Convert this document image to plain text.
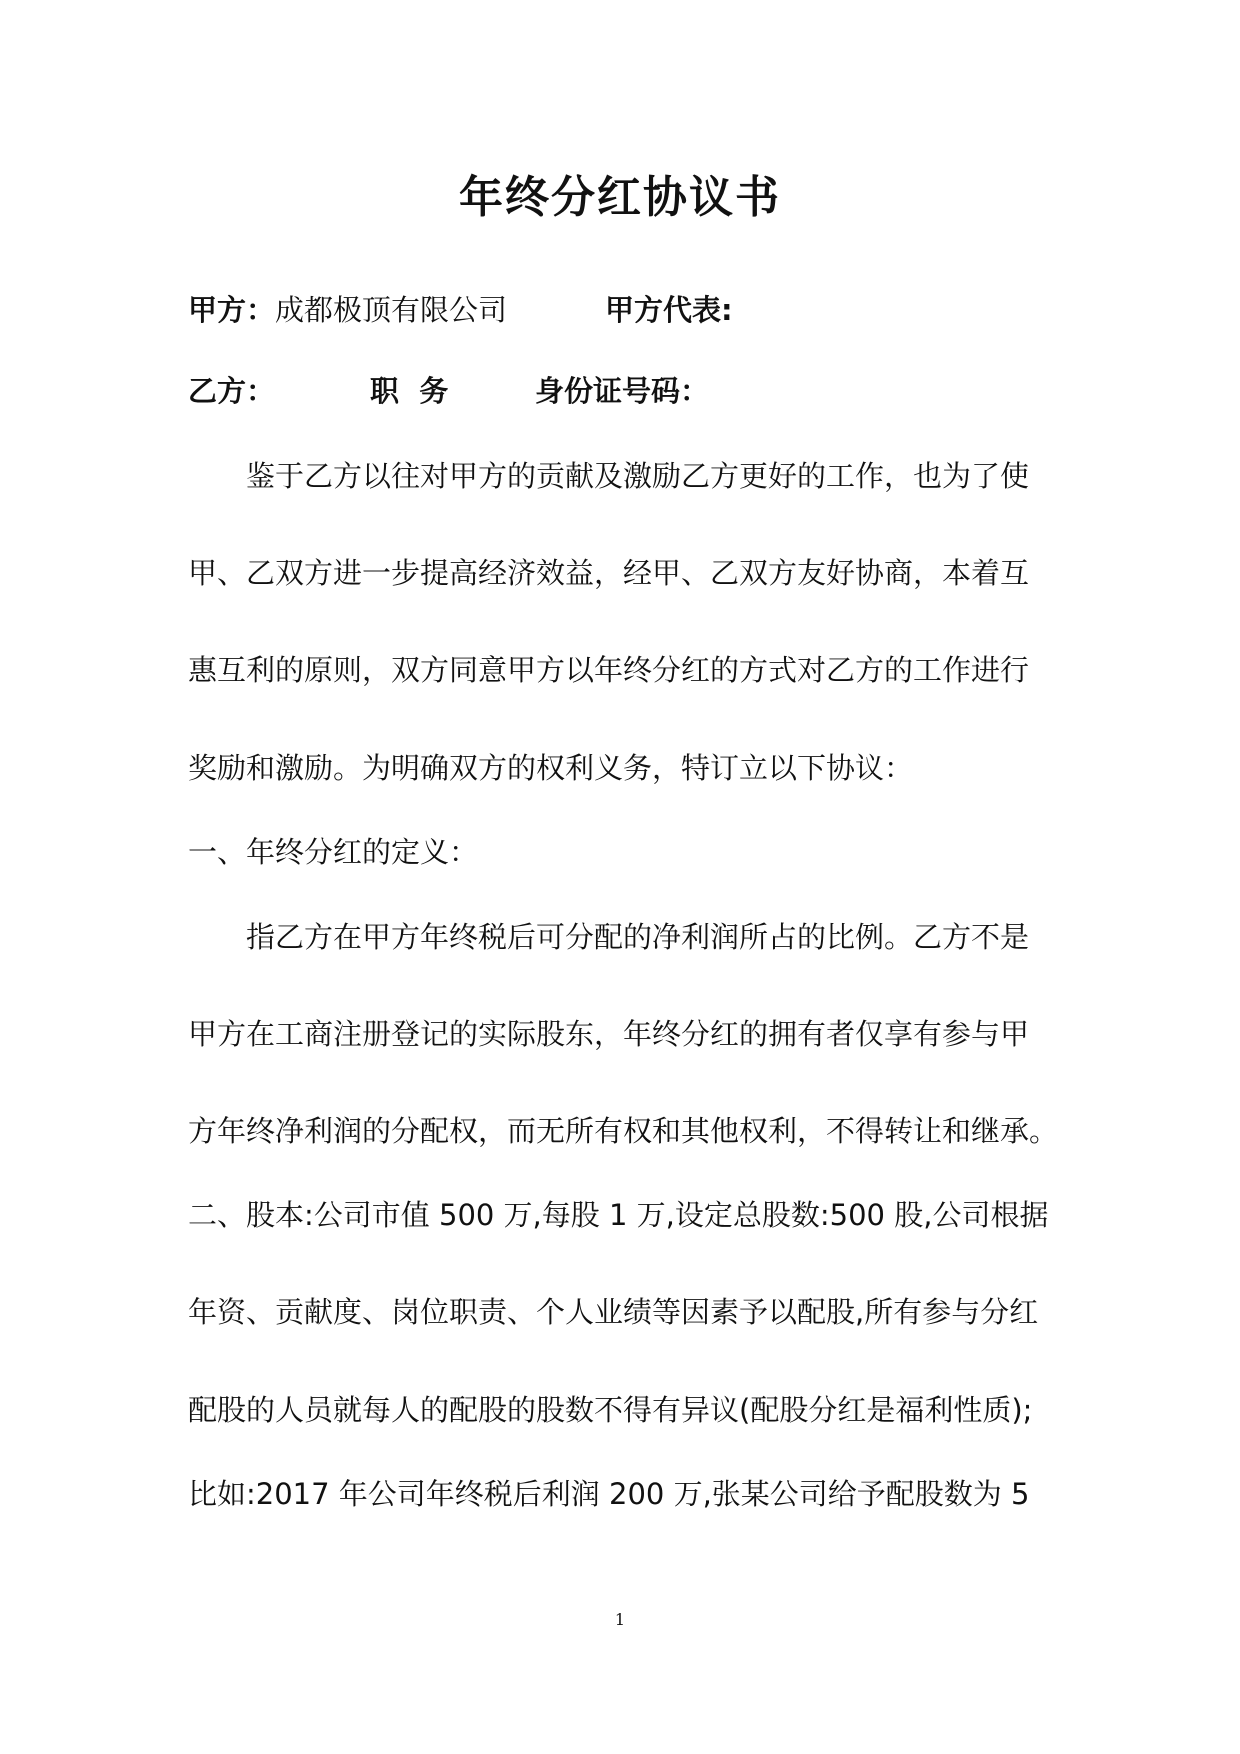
年终分红协议书
甲方：成都极顶有限公司	甲方代表:
乙方：	职  务	身份证号码：
鉴于乙方以往对甲方的贡献及激励乙方更好的工作，也为了使
甲、乙双方进一步提高经济效益，经甲、乙双方友好协商，本着互
惠互利的原则，双方同意甲方以年终分红的方式对乙方的工作进行
奖励和激励。为明确双方的权利义务，特订立以下协议：
一、年终分红的定义：
指乙方在甲方年终税后可分配的净利润所占的比例。乙方不是
甲方在工商注册登记的实际股东，年终分红的拥有者仅享有参与甲
方年终净利润的分配权，而无所有权和其他权利，不得转让和继承。
二、股本:公司市值 500 万,每股 1 万,设定总股数:500 股,公司根据
年资、贡献度、岗位职责、个人业绩等因素予以配股,所有参与分红
配股的人员就每人的配股的股数不得有异议(配股分红是福利性质);
比如:2017 年公司年终税后利润 200 万,张某公司给予配股数为 5
1
